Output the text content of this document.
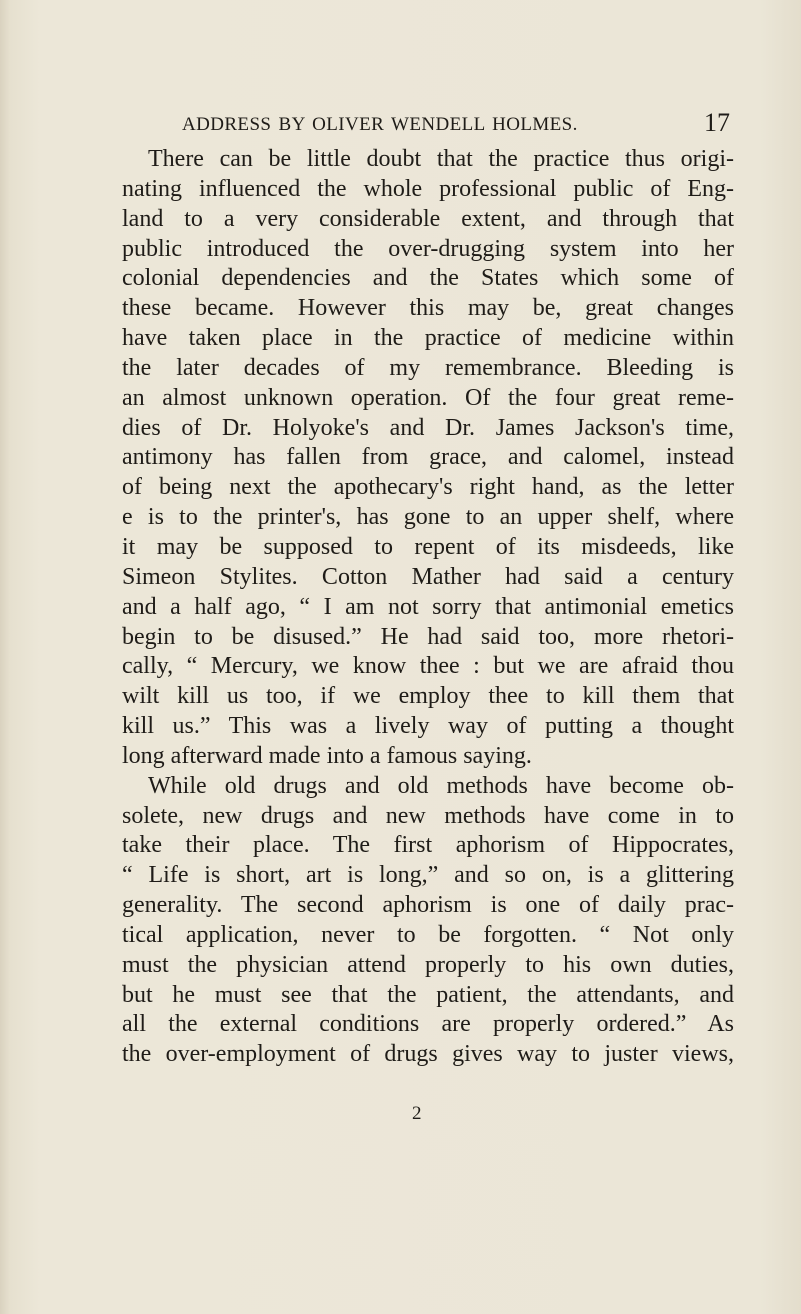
ADDRESS BY OLIVER WENDELL HOLMES.	17
There can be little doubt that the practice thus origi-
nating influenced the whole professional public of Eng-
land to a very considerable extent, and through that
public introduced the over-drugging system into her
colonial dependencies and the States which some of
these became. However this may be, great changes
have taken place in the practice of medicine within
the later decades of my remembrance. Bleeding is
an almost unknown operation. Of the four great reme-
dies of Dr. Holyoke's and Dr. James Jackson's time,
antimony has fallen from grace, and calomel, instead
of being next the apothecary's right hand, as the letter
e is to the printer's, has gone to an upper shelf, where
it may be supposed to repent of its misdeeds, like
Simeon Stylites. Cotton Mather had said a century
and a half ago, “ I am not sorry that antimonial emetics
begin to be disused.” He had said too, more rhetori-
cally, “ Mercury, we know thee : but we are afraid thou
wilt kill us too, if we employ thee to kill them that
kill us.” This was a lively way of putting a thought
long afterward made into a famous saying.
While old drugs and old methods have become ob-
solete, new drugs and new methods have come in to
take their place. The first aphorism of Hippocrates,
“ Life is short, art is long,” and so on, is a glittering
generality. The second aphorism is one of daily prac-
tical application, never to be forgotten. “ Not only
must the physician attend properly to his own duties,
but he must see that the patient, the attendants, and
all the external conditions are properly ordered.” As
the over-employment of drugs gives way to juster views,
2
